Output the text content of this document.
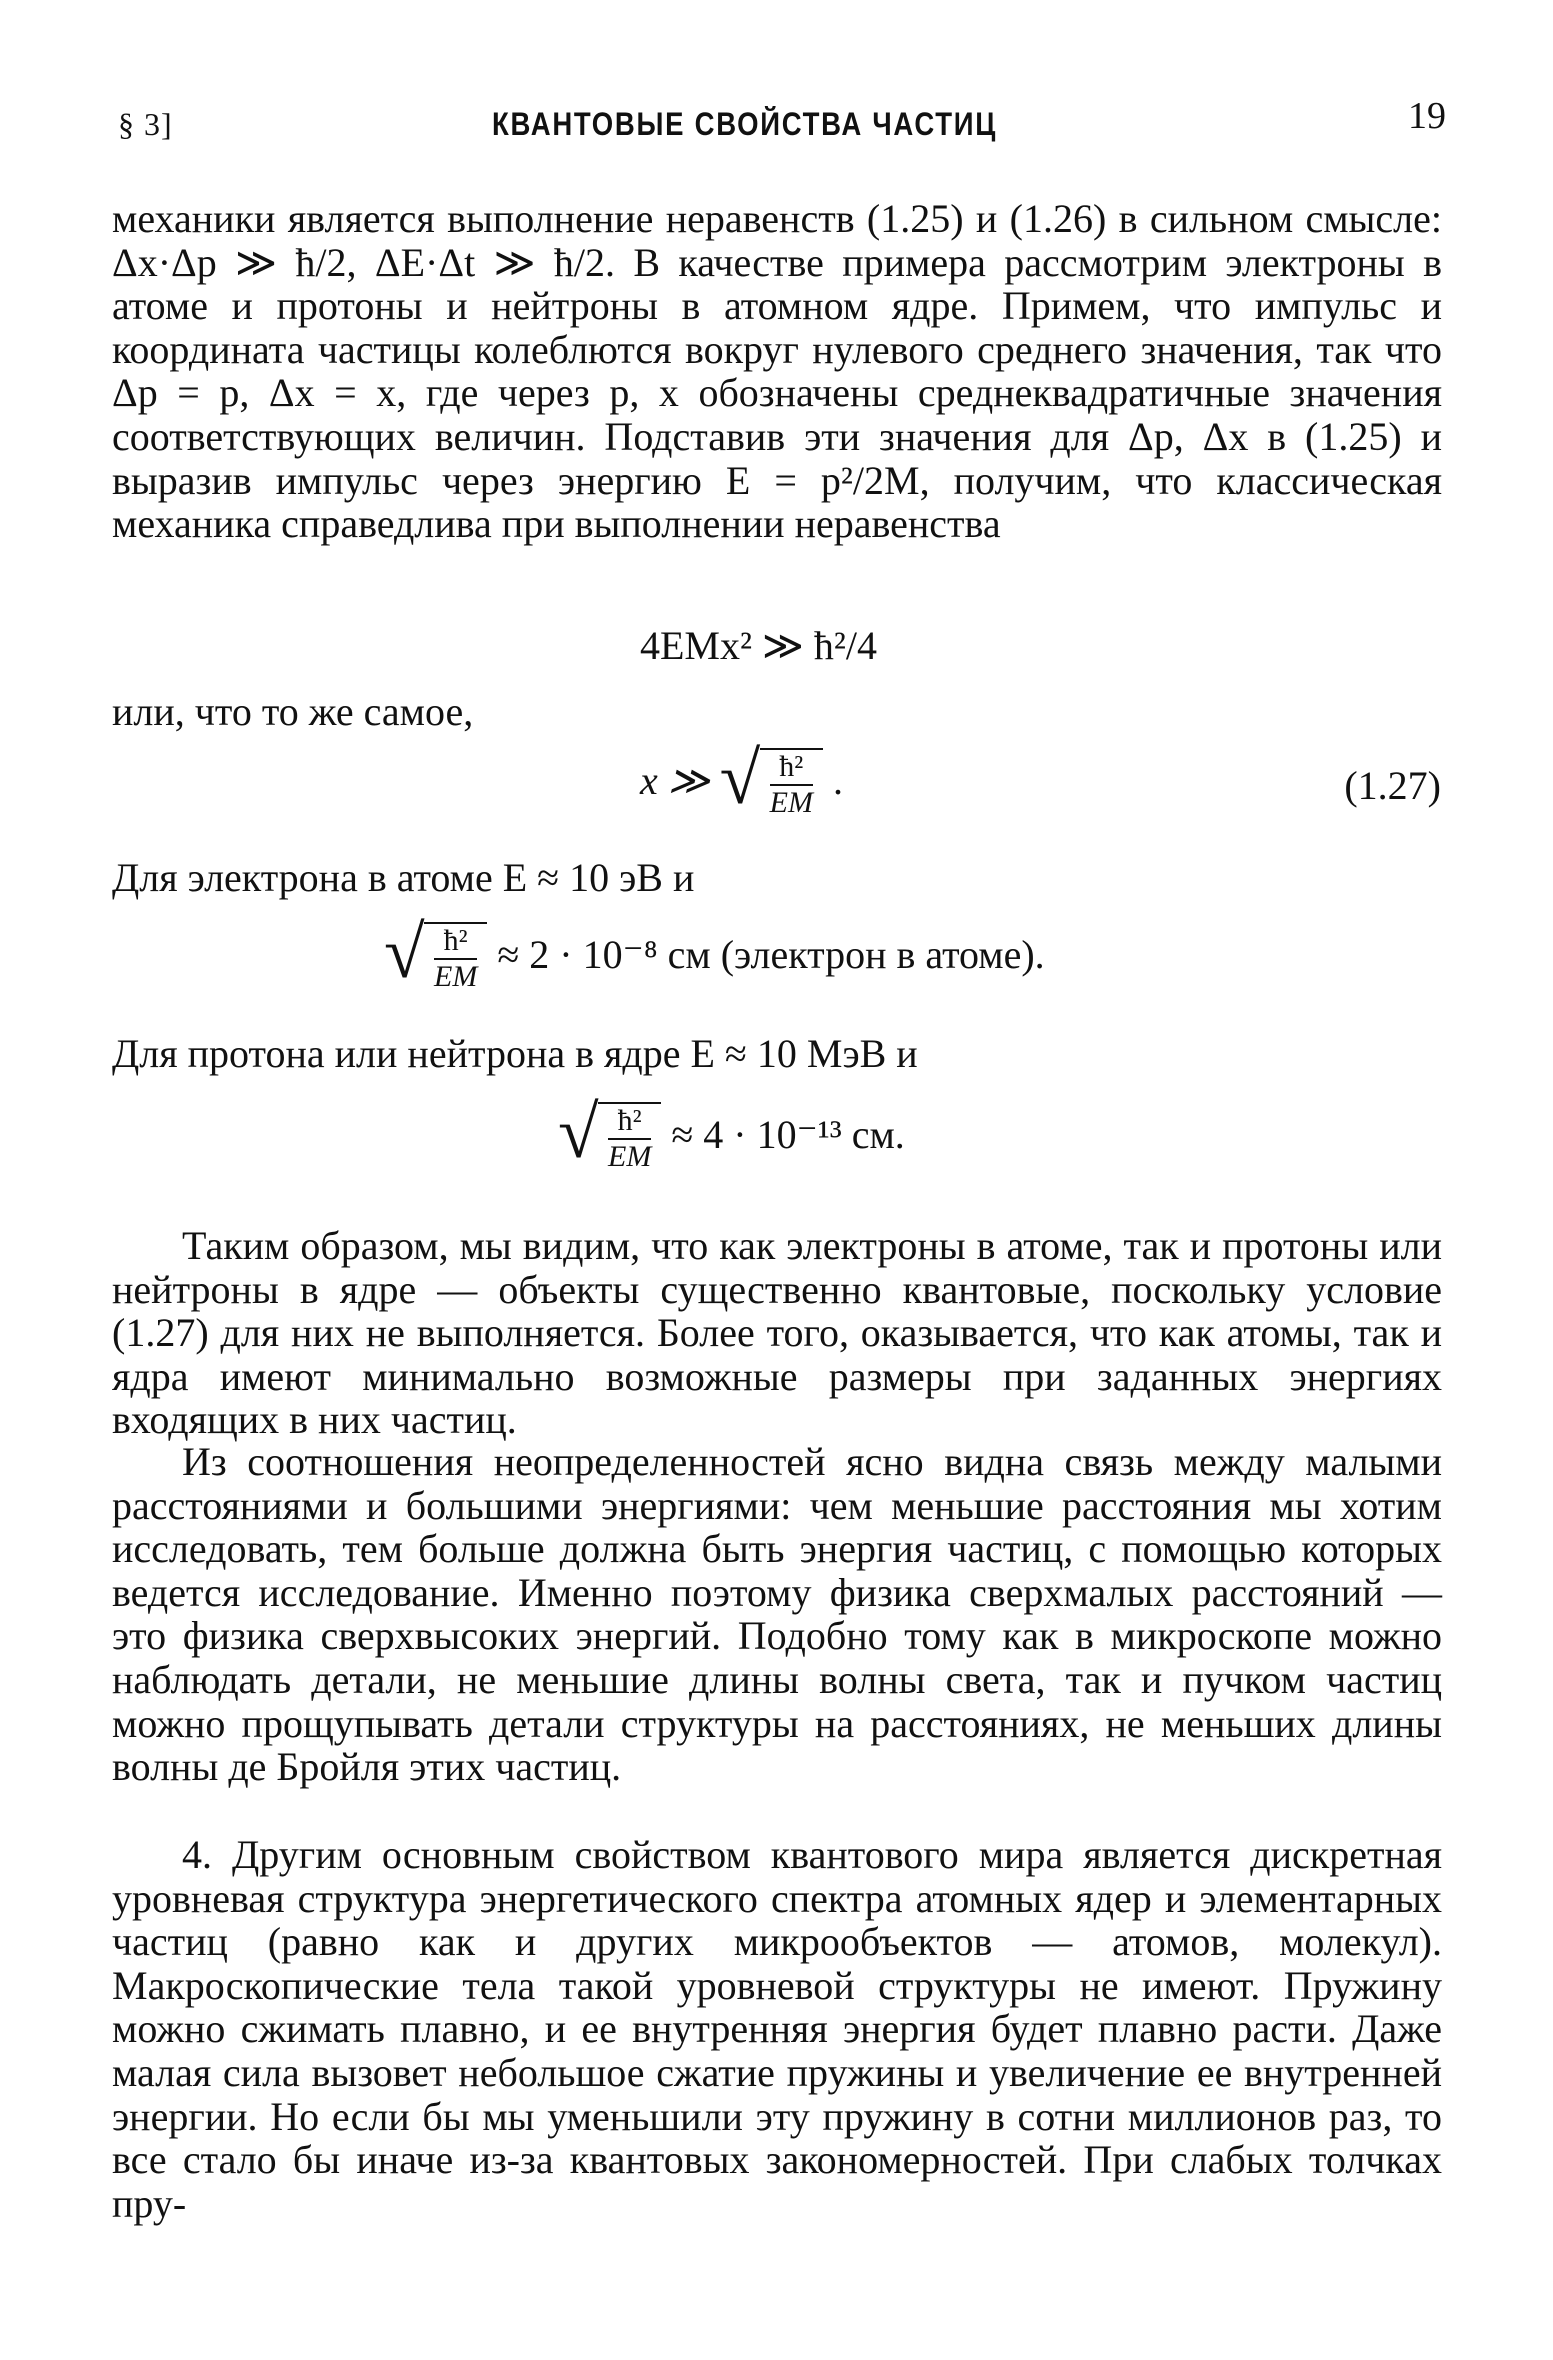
§ 3]	КВАНТОВЫЕ СВОЙСТВА ЧАСТИЦ	19

механики является выполнение неравенств (1.25) и (1.26) в сильном смысле: Δx·Δp ≫ ħ/2, ΔE·Δt ≫ ħ/2. В качестве примера рассмотрим электроны в атоме и протоны и нейтроны в атомном ядре. Примем, что импульс и координата частицы колеблются вокруг нулевого среднего значения, так что Δp = p, Δx = x, где через p, x обозначены среднеквадратичные значения соответствующих величин. Подставив эти значения для Δp, Δx в (1.25) и выразив импульс через энергию E = p²/2M, получим, что классическая механика справедлива при выполнении неравенства

4EMx² ≫ ħ²/4
или, что то же самое,
x ≫ √ $\frac{\text{ħ²}}{EM}$ .	(1.27)
Для электрона в атоме E ≈ 10 эВ и
√ $\frac{\text{ħ²}}{EM} \approx 2 \cdot 10^{-8}$ см (электрон в атоме).
Для протона или нейтрона в ядре E ≈ 10 МэВ и
√ $\frac{\text{ħ²}}{EM} \approx 4 \cdot 10^{-13}$ см.

Таким образом, мы видим, что как электроны в атоме, так и протоны или нейтроны в ядре — объекты существенно квантовые, поскольку условие (1.27) для них не выполняется. Более того, оказывается, что как атомы, так и ядра имеют минимально возможные размеры при заданных энергиях входящих в них частиц.

Из соотношения неопределенностей ясно видна связь между малыми расстояниями и большими энергиями: чем меньшие расстояния мы хотим исследовать, тем больше должна быть энергия частиц, с помощью которых ведется исследование. Именно поэтому физика сверхмалых расстояний — это физика сверхвысоких энергий. Подобно тому как в микроскопе можно наблюдать детали, не меньшие длины волны света, так и пучком частиц можно прощупывать детали структуры на расстояниях, не меньших длины волны де Бройля этих частиц.

4. Другим основным свойством квантового мира является дискретная уровневая структура энергетического спектра атомных ядер и элементарных частиц (равно как и других микрообъектов — атомов, молекул). Макроскопические тела такой уровневой структуры не имеют. Пружину можно сжимать плавно, и ее внутренняя энергия будет плавно расти. Даже малая сила вызовет небольшое сжатие пружины и увеличение ее внутренней энергии. Но если бы мы уменьшили эту пружину в сотни миллионов раз, то все стало бы иначе из-за квантовых закономерностей. При слабых толчках пру-
